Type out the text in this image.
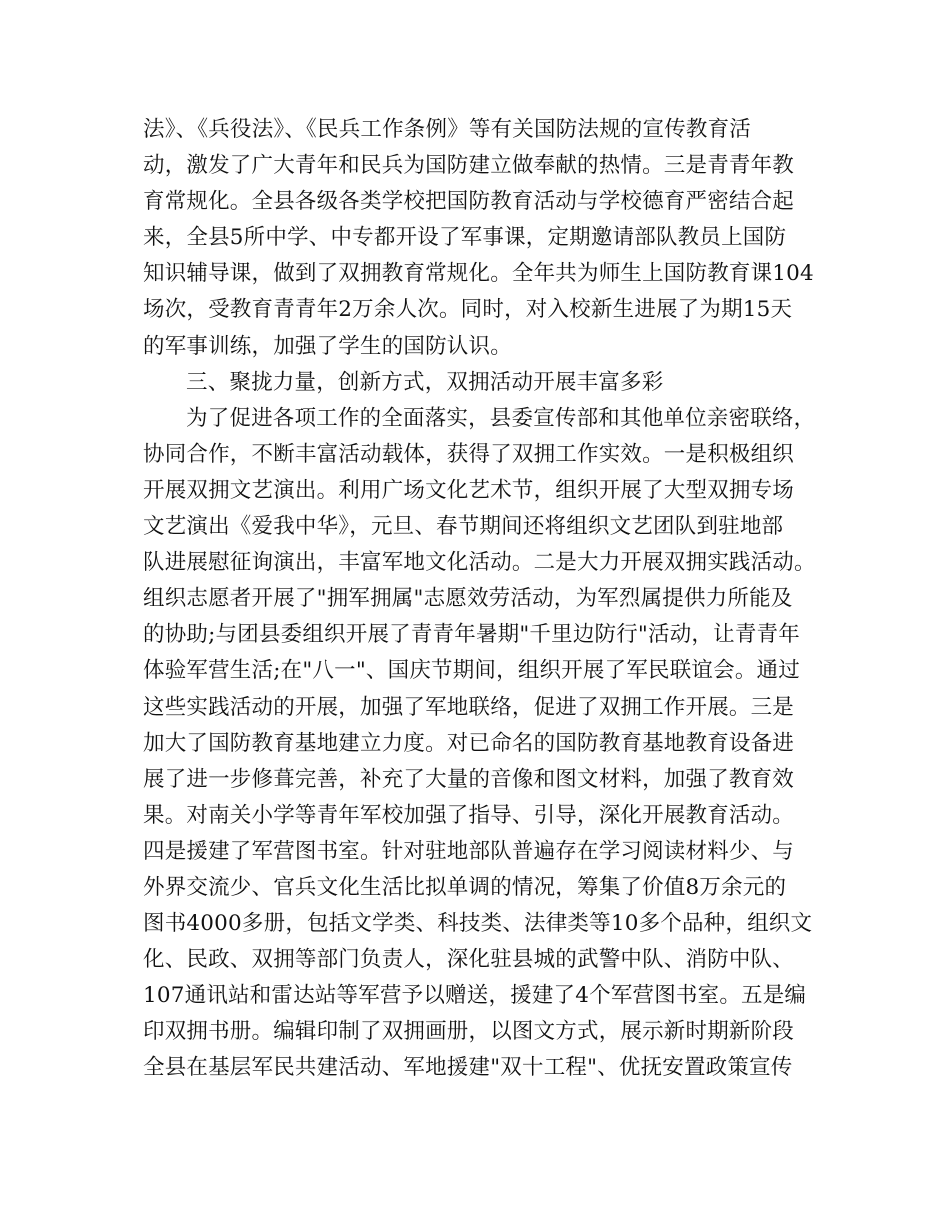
法》、《兵役法》、《民兵工作条例》等有关国防法规的宣传教育活
动，激发了广大青年和民兵为国防建立做奉献的热情。三是青青年教
育常规化。全县各级各类学校把国防教育活动与学校德育严密结合起
来，全县5所中学、中专都开设了军事课，定期邀请部队教员上国防
知识辅导课，做到了双拥教育常规化。全年共为师生上国防教育课104
场次，受教育青青年2万余人次。同时，对入校新生进展了为期15天
的军事训练，加强了学生的国防认识。
三、聚拢力量，创新方式，双拥活动开展丰富多彩
为了促进各项工作的全面落实，县委宣传部和其他单位亲密联络，
协同合作，不断丰富活动载体，获得了双拥工作实效。一是积极组织
开展双拥文艺演出。利用广场文化艺术节，组织开展了大型双拥专场
文艺演出《爱我中华》，元旦、春节期间还将组织文艺团队到驻地部
队进展慰征询演出，丰富军地文化活动。二是大力开展双拥实践活动。
组织志愿者开展了"拥军拥属"志愿效劳活动，为军烈属提供力所能及
的协助;与团县委组织开展了青青年暑期"千里边防行"活动，让青青年
体验军营生活;在"八一"、国庆节期间，组织开展了军民联谊会。通过
这些实践活动的开展，加强了军地联络，促进了双拥工作开展。三是
加大了国防教育基地建立力度。对已命名的国防教育基地教育设备进
展了进一步修葺完善，补充了大量的音像和图文材料，加强了教育效
果。对南关小学等青年军校加强了指导、引导，深化开展教育活动。
四是援建了军营图书室。针对驻地部队普遍存在学习阅读材料少、与
外界交流少、官兵文化生活比拟单调的情况，筹集了价值8万余元的
图书4000多册，包括文学类、科技类、法律类等10多个品种，组织文
化、民政、双拥等部门负责人，深化驻县城的武警中队、消防中队、
107通讯站和雷达站等军营予以赠送，援建了4个军营图书室。五是编
印双拥书册。编辑印制了双拥画册，以图文方式，展示新时期新阶段
全县在基层军民共建活动、军地援建"双十工程"、优抚安置政策宣传
